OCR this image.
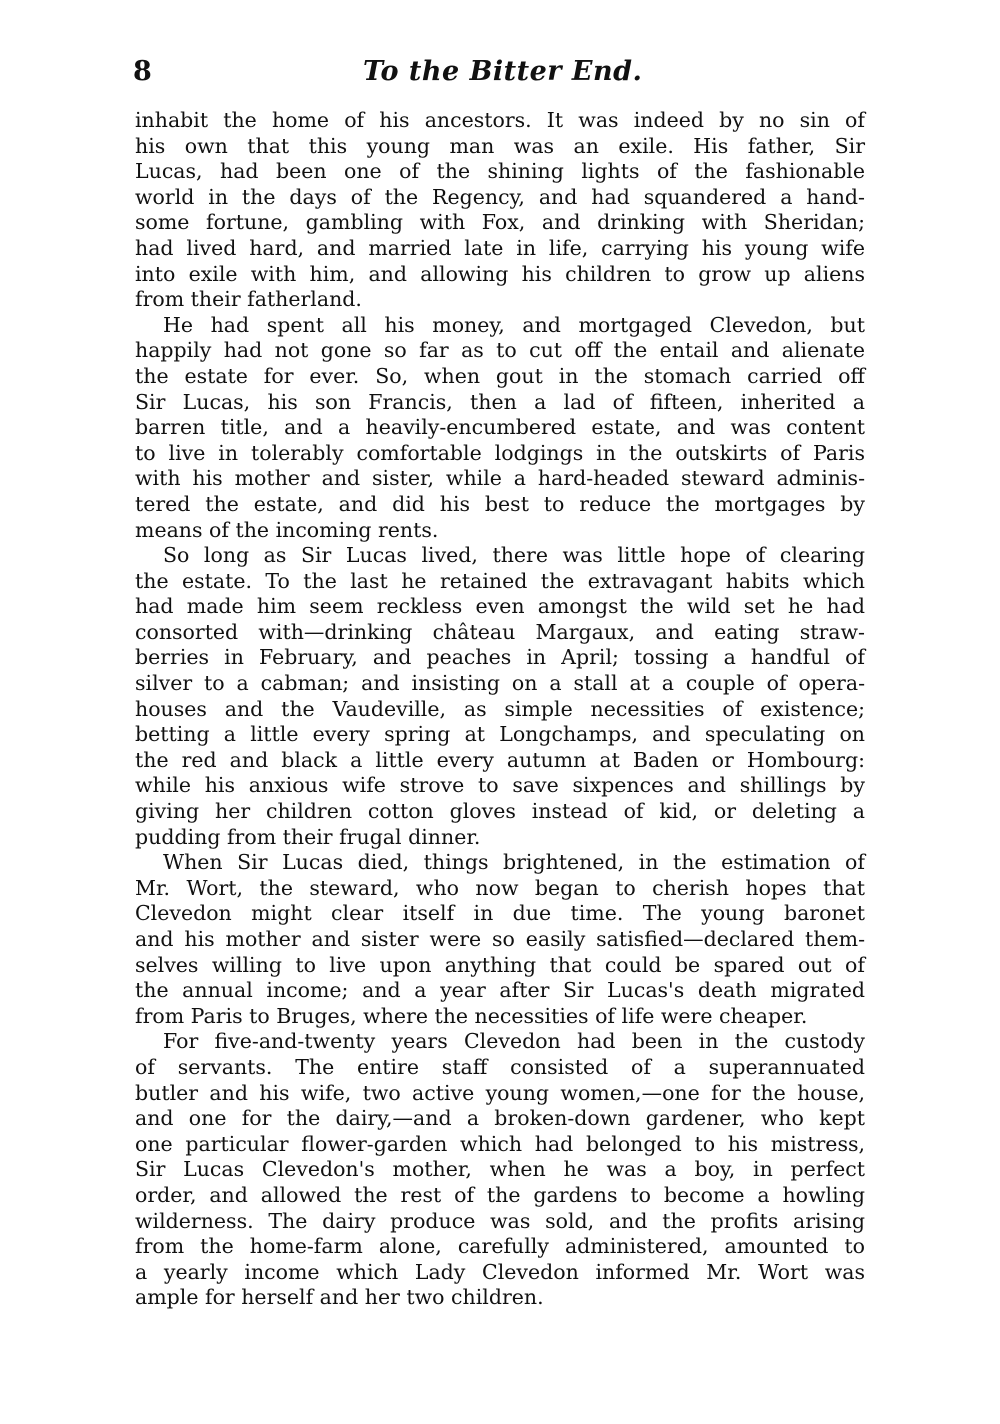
8	To the Bitter End.
inhabit the home of his ancestors. It was indeed by no sin of
his own that this young man was an exile. His father, Sir
Lucas, had been one of the shining lights of the fashionable
world in the days of the Regency, and had squandered a hand-
some fortune, gambling with Fox, and drinking with Sheridan;
had lived hard, and married late in life, carrying his young wife
into exile with him, and allowing his children to grow up aliens
from their fatherland.
He had spent all his money, and mortgaged Clevedon, but
happily had not gone so far as to cut off the entail and alienate
the estate for ever. So, when gout in the stomach carried off
Sir Lucas, his son Francis, then a lad of fifteen, inherited a
barren title, and a heavily-encumbered estate, and was content
to live in tolerably comfortable lodgings in the outskirts of Paris
with his mother and sister, while a hard-headed steward adminis-
tered the estate, and did his best to reduce the mortgages by
means of the incoming rents.
So long as Sir Lucas lived, there was little hope of clearing
the estate. To the last he retained the extravagant habits which
had made him seem reckless even amongst the wild set he had
consorted with—drinking château Margaux, and eating straw-
berries in February, and peaches in April; tossing a handful of
silver to a cabman; and insisting on a stall at a couple of opera-
houses and the Vaudeville, as simple necessities of existence;
betting a little every spring at Longchamps, and speculating on
the red and black a little every autumn at Baden or Hombourg:
while his anxious wife strove to save sixpences and shillings by
giving her children cotton gloves instead of kid, or deleting a
pudding from their frugal dinner.
When Sir Lucas died, things brightened, in the estimation of
Mr. Wort, the steward, who now began to cherish hopes that
Clevedon might clear itself in due time. The young baronet
and his mother and sister were so easily satisfied—declared them-
selves willing to live upon anything that could be spared out of
the annual income; and a year after Sir Lucas's death migrated
from Paris to Bruges, where the necessities of life were cheaper.
For five-and-twenty years Clevedon had been in the custody
of servants. The entire staff consisted of a superannuated
butler and his wife, two active young women,—one for the house,
and one for the dairy,—and a broken-down gardener, who kept
one particular flower-garden which had belonged to his mistress,
Sir Lucas Clevedon's mother, when he was a boy, in perfect
order, and allowed the rest of the gardens to become a howling
wilderness. The dairy produce was sold, and the profits arising
from the home-farm alone, carefully administered, amounted to
a yearly income which Lady Clevedon informed Mr. Wort was
ample for herself and her two children.
